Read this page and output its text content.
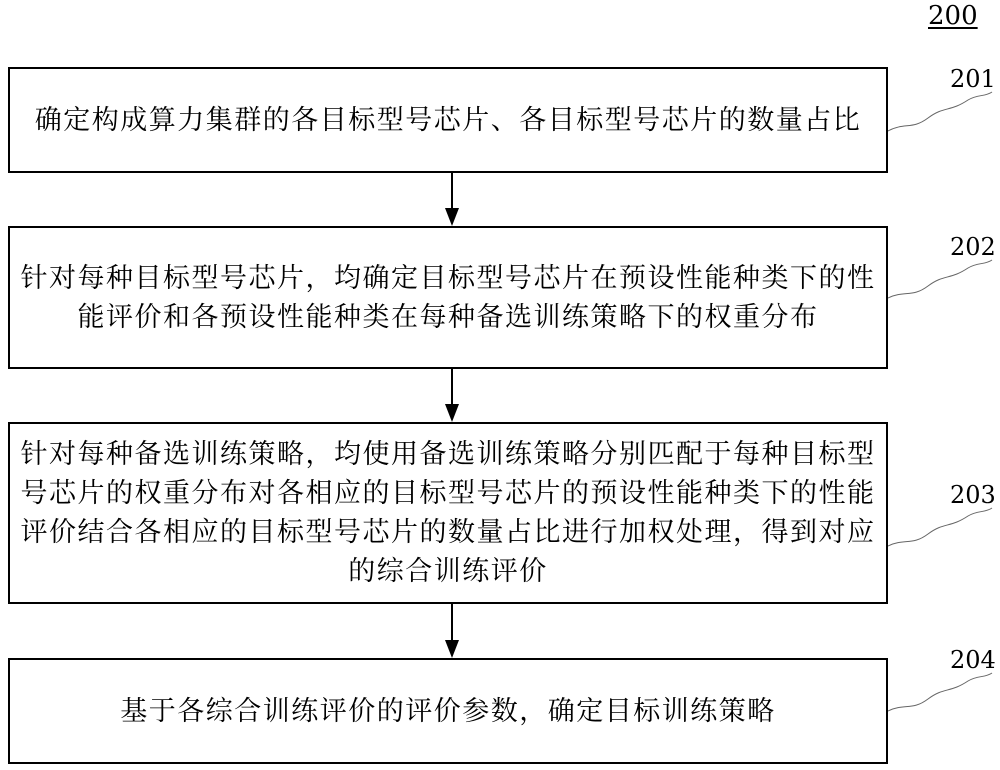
200
确定构成算力集群的各目标型号芯片、各目标型号芯片的数量占比
201
针对每种目标型号芯片，均确定目标型号芯片在预设性能种类下的性能评价和各预设性能种类在每种备选训练策略下的权重分布
202
针对每种备选训练策略，均使用备选训练策略分别匹配于每种目标型号芯片的权重分布对各相应的目标型号芯片的预设性能种类下的性能评价结合各相应的目标型号芯片的数量占比进行加权处理，得到对应的综合训练评价
203
基于各综合训练评价的评价参数，确定目标训练策略
204
